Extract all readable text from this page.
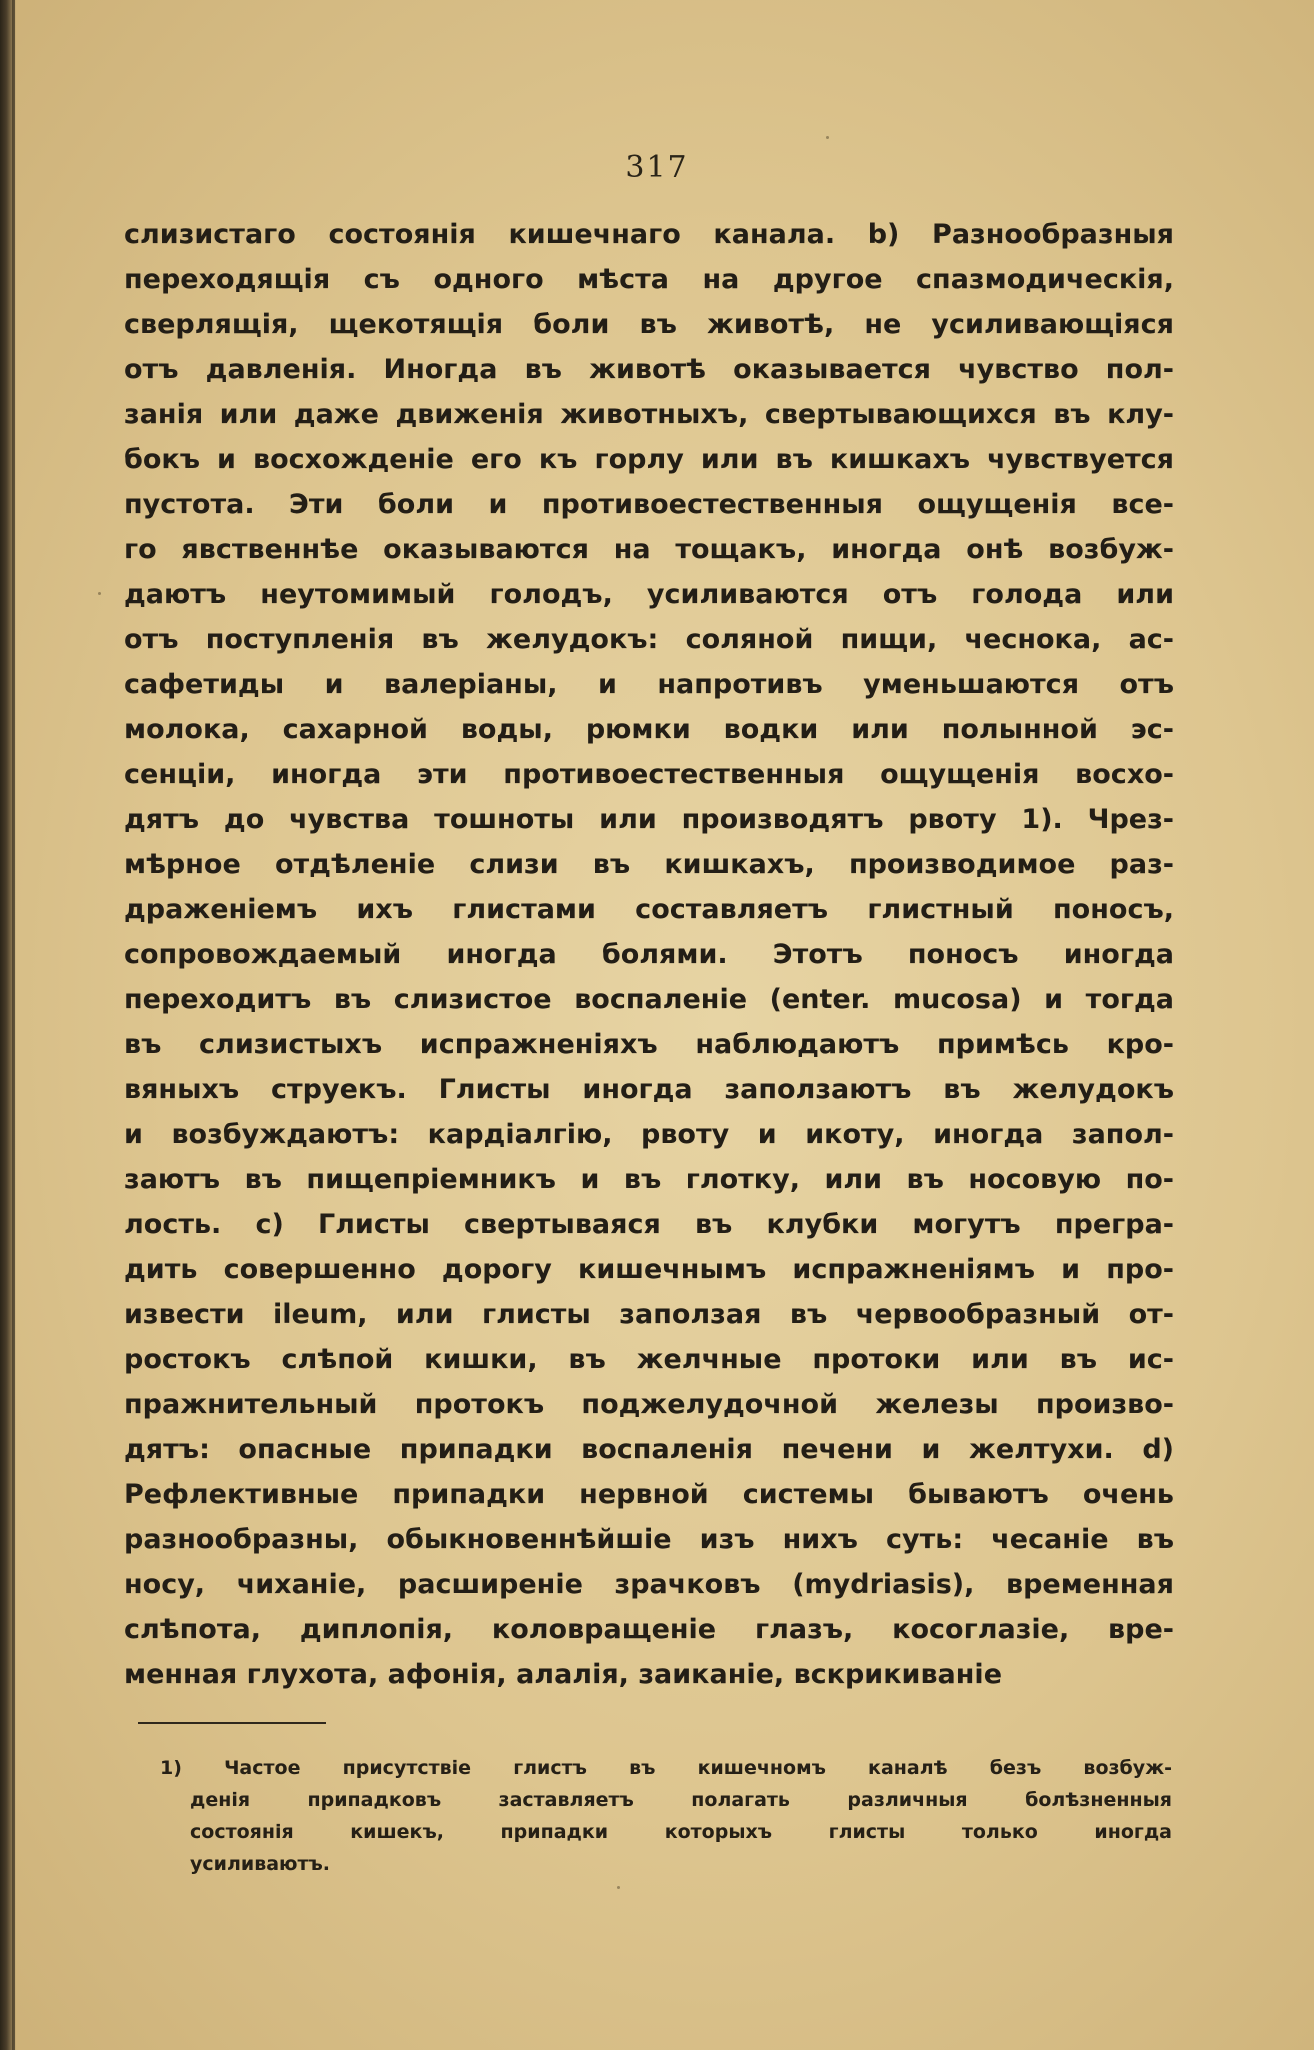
317
слизистаго состоянія кишечнаго канала. b) Разнообразныя
переходящія съ одного мѣста на другое спазмодическія,
сверлящія, щекотящія боли въ животѣ, не усиливающіяся
отъ давленія. Иногда въ животѣ оказывается чувство пол-
занія или даже движенія животныхъ, свертывающихся въ клу-
бокъ и восхожденіе его къ горлу или въ кишкахъ чувствуется
пустота. Эти боли и противоестественныя ощущенія все-
го явственнѣе оказываются на тощакъ, иногда онѣ возбуж-
даютъ неутомимый голодъ, усиливаются отъ голода или
отъ поступленія въ желудокъ: соляной пищи, чеснока, ас-
сафетиды и валеріаны, и напротивъ уменьшаются отъ
молока, сахарной воды, рюмки водки или полынной эс-
сенціи, иногда эти противоестественныя ощущенія восхо-
дятъ до чувства тошноты или производятъ рвоту 1). Чрез-
мѣрное отдѣленіе слизи въ кишкахъ, производимое раз-
драженіемъ ихъ глистами составляетъ глистный поносъ,
сопровождаемый иногда болями. Этотъ поносъ иногда
переходитъ въ слизистое воспаленіе (enter. mucosa) и тогда
въ слизистыхъ испражненіяхъ наблюдаютъ примѣсь кро-
вяныхъ струекъ. Глисты иногда заползаютъ въ желудокъ
и возбуждаютъ: кардіалгію, рвоту и икоту, иногда запол-
заютъ въ пищепріемникъ и въ глотку, или въ носовую по-
лость. c) Глисты свертываяся въ клубки могутъ прегра-
дить совершенно дорогу кишечнымъ испражненіямъ и про-
извести ileum, или глисты заползая въ червообразный от-
ростокъ слѣпой кишки, въ желчные протоки или въ ис-
пражнительный протокъ поджелудочной железы произво-
дятъ: опасные припадки воспаленія печени и желтухи. d)
Рефлективные припадки нервной системы бываютъ очень
разнообразны, обыкновеннѣйшіе изъ нихъ суть: чесаніе въ
носу, чиханіе, расширеніе зрачковъ (mydriasis), временная
слѣпота, диплопія, коловращеніе глазъ, косоглазіе, вре-
менная глухота, афонія, алалія, заиканіе, вскрикиваніе
1) Частое присутствіе глистъ въ кишечномъ каналѣ безъ возбуж-
денія припадковъ заставляетъ полагать различныя болѣзненныя
состоянія кишекъ, припадки которыхъ глисты только иногда
усиливаютъ.
